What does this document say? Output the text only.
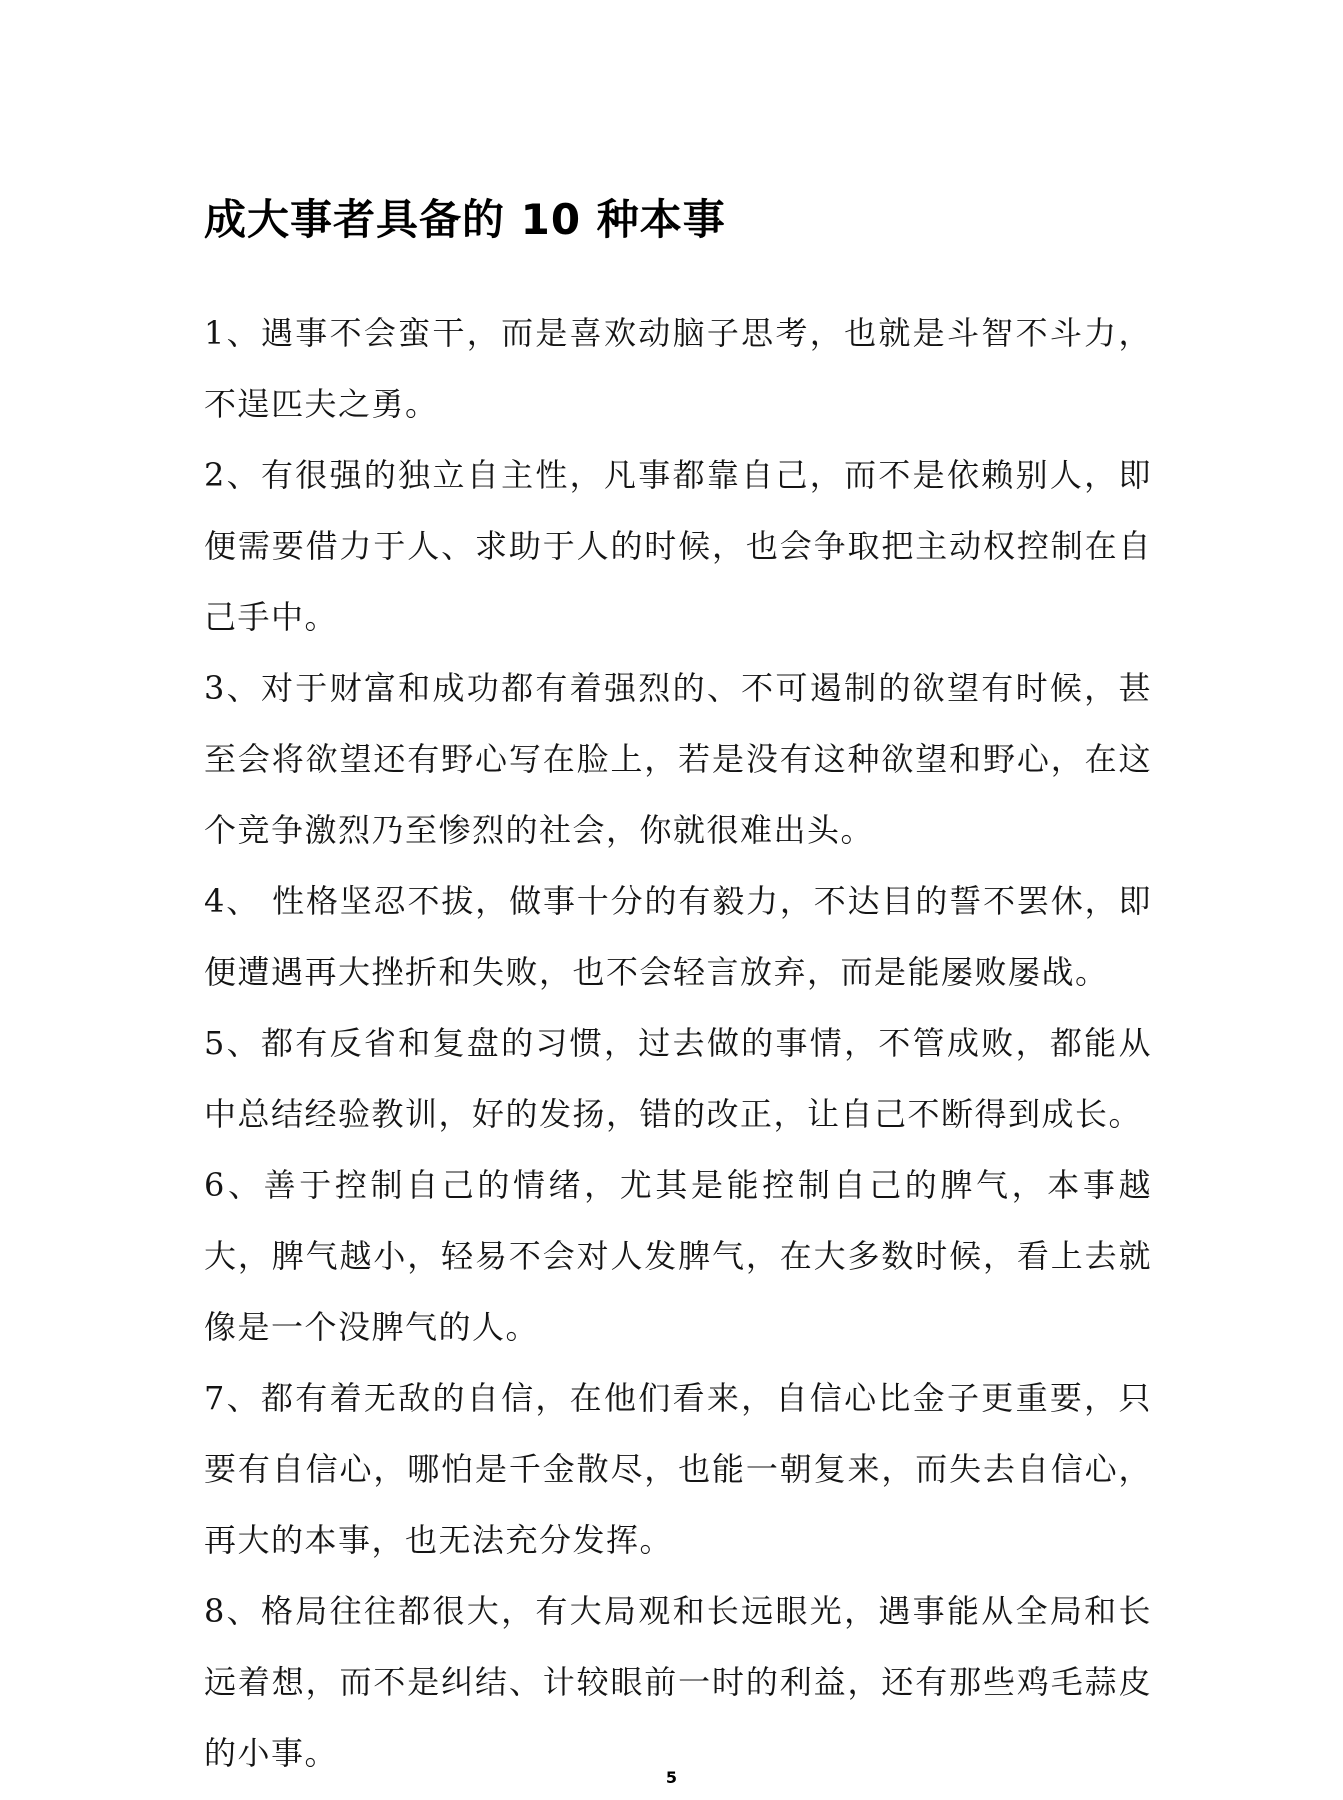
成大事者具备的 10 种本事

1、遇事不会蛮干，而是喜欢动脑子思考，也就是斗智不斗力，不逞匹夫之勇。

2、有很强的独立自主性，凡事都靠自己，而不是依赖别人，即便需要借力于人、求助于人的时候，也会争取把主动权控制在自己手中。

3、对于财富和成功都有着强烈的、不可遏制的欲望有时候，甚至会将欲望还有野心写在脸上，若是没有这种欲望和野心，在这个竞争激烈乃至惨烈的社会，你就很难出头。

4、 性格坚忍不拔，做事十分的有毅力，不达目的誓不罢休，即便遭遇再大挫折和失败，也不会轻言放弃，而是能屡败屡战。

5、都有反省和复盘的习惯，过去做的事情，不管成败，都能从中总结经验教训，好的发扬，错的改正，让自己不断得到成长。

6、善于控制自己的情绪，尤其是能控制自己的脾气，本事越大，脾气越小，轻易不会对人发脾气，在大多数时候，看上去就像是一个没脾气的人。

7、都有着无敌的自信，在他们看来，自信心比金子更重要，只要有自信心，哪怕是千金散尽，也能一朝复来，而失去自信心，再大的本事，也无法充分发挥。

8、格局往往都很大，有大局观和长远眼光，遇事能从全局和长远着想，而不是纠结、计较眼前一时的利益，还有那些鸡毛蒜皮的小事。

5
